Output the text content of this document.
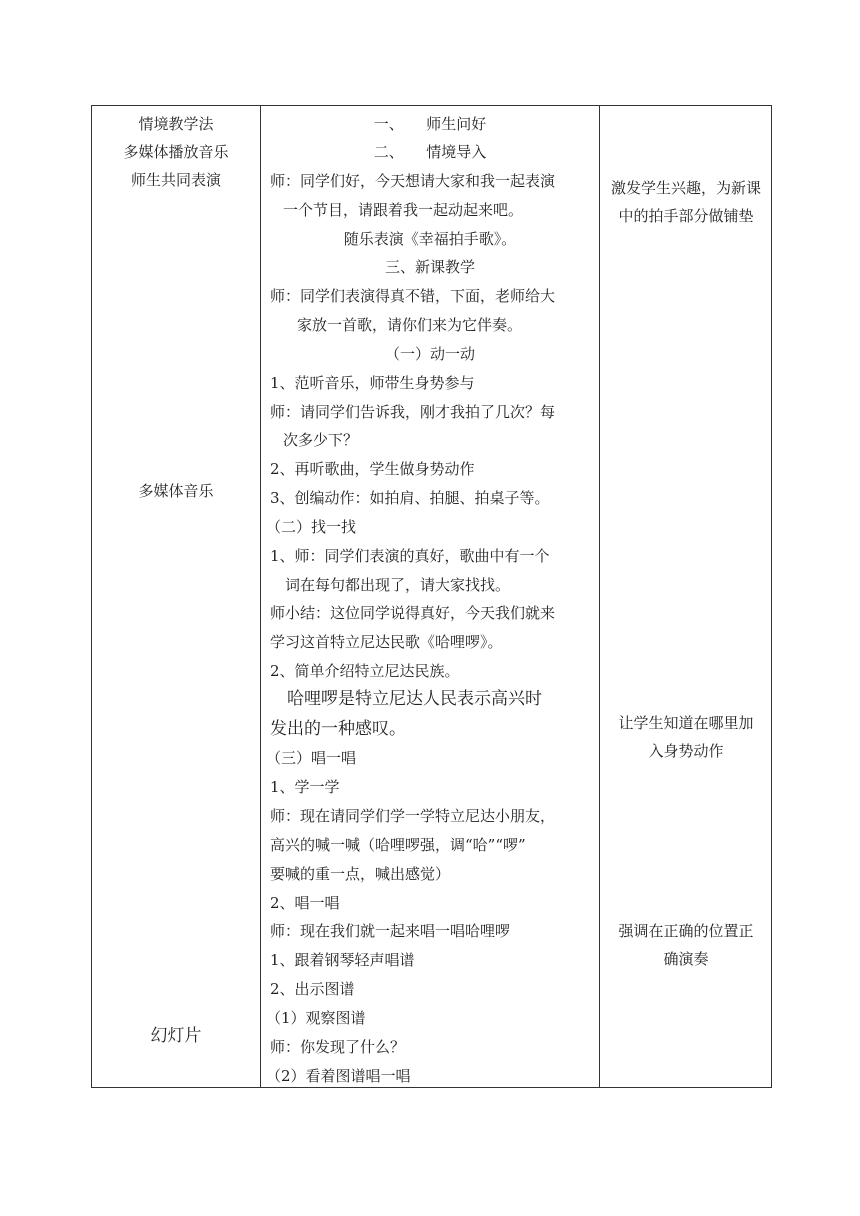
情境教学法
多媒体播放音乐
师生共同表演
多媒体音乐
幻灯片
一、　　师生问好
二、　　情境导入
师：同学们好，今天想请大家和我一起表演
一个节目，请跟着我一起动起来吧。
随乐表演《幸福拍手歌》。
三、新课教学
师：同学们表演得真不错，下面，老师给大
家放一首歌，请你们来为它伴奏。
（一）动一动
1、范听音乐，师带生身势参与
师：请同学们告诉我，刚才我拍了几次？每
次多少下？
2、再听歌曲，学生做身势动作
3、创编动作：如拍肩、拍腿、拍桌子等。
（二）找一找
1、师：同学们表演的真好，歌曲中有一个
词在每句都出现了，请大家找找。
师小结：这位同学说得真好，今天我们就来
学习这首特立尼达民歌《哈哩啰》。
2、简单介绍特立尼达民族。
哈哩啰是特立尼达人民表示高兴时
发出的一种感叹。
（三）唱一唱
1、学一学
师：现在请同学们学一学特立尼达小朋友，
高兴的喊一喊（哈哩啰强，调“哈”“啰”
要喊的重一点，喊出感觉）
2、唱一唱
师：现在我们就一起来唱一唱哈哩啰
1、跟着钢琴轻声唱谱
2、出示图谱
（1）观察图谱
师：你发现了什么？
（2）看着图谱唱一唱
激发学生兴趣，为新课
中的拍手部分做铺垫
让学生知道在哪里加
入身势动作
强调在正确的位置正
确演奏
